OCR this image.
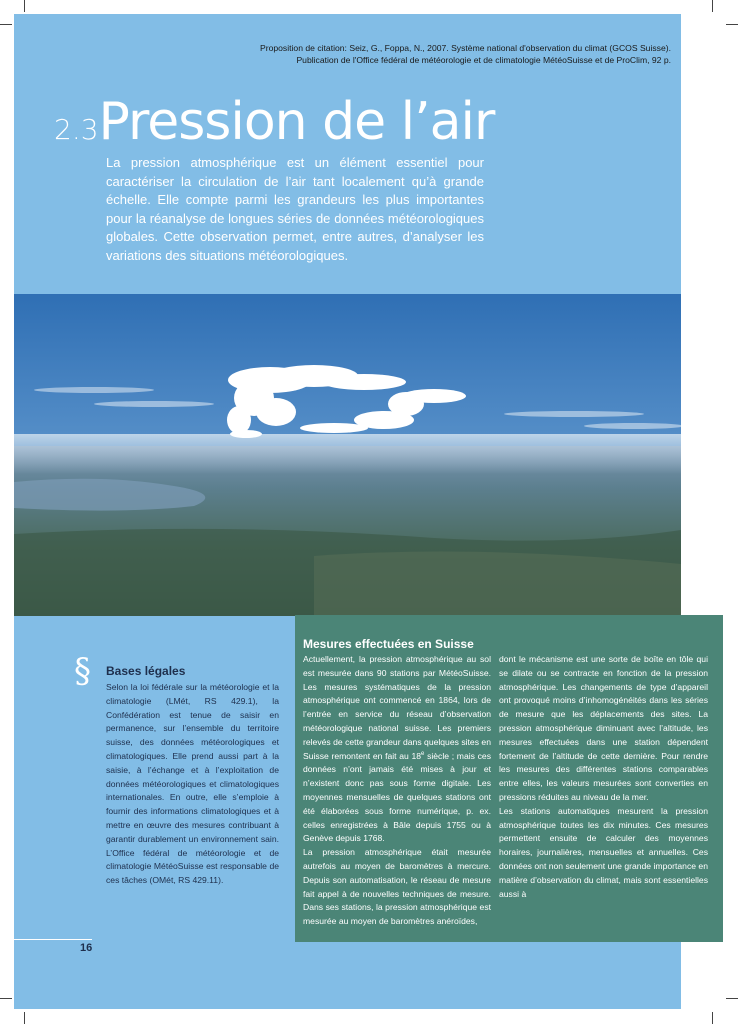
Proposition de citation: Seiz, G., Foppa, N., 2007. Système national d'observation du climat (GCOS Suisse).
Publication de l'Office fédéral de météorologie et de climatologie MétéoSuisse et de ProClim, 92 p.
2.3Pression de l’air
La pression atmosphérique est un élément essentiel pour caractériser la circulation de l’air tant localement qu’à grande échelle. Elle compte parmi les grandeurs les plus importantes pour la réanalyse de longues séries de données météorologiques globales. Cette observation permet, entre autres, d’analyser les variations des situations météorologiques.
§ Bases légales
Selon la loi fédérale sur la météorologie et la climatologie (LMét, RS 429.1), la Confédération est tenue de saisir en permanence, sur l’ensemble du territoire suisse, des données météorologiques et climatologiques. Elle prend aussi part à la saisie, à l’échange et à l’exploitation de données météorologiques et climatologiques internationales. En outre, elle s’emploie à fournir des informations climatologiques et à mettre en œuvre des mesures contribuant à garantir durablement un environnement sain. L’Office fédéral de météorologie et de climatologie MétéoSuisse est responsable de ces tâches (OMét, RS 429.11).
16
Mesures effectuées en Suisse

Actuellement, la pression atmosphérique au sol est mesurée dans 90 stations par MétéoSuisse. Les mesures systématiques de la pression atmosphérique ont commencé en 1864, lors de l’entrée en service du réseau d’observation météorologique national suisse. Les premiers relevés de cette grandeur dans quelques sites en Suisse remontent en fait au 18e siècle ; mais ces données n’ont jamais été mises à jour et n’existent donc pas sous forme digitale. Les moyennes mensuelles de quelques stations ont été élaborées sous forme numérique, p. ex. celles enregistrées à Bâle depuis 1755 ou à Genève depuis 1768.

La pression atmosphérique était mesurée autrefois au moyen de baromètres à mercure. Depuis son automatisation, le réseau de mesure fait appel à de nouvelles techniques de mesure. Dans ses stations, la pression atmosphérique est mesurée au moyen de baromètres anéroïdes,

dont le mécanisme est une sorte de boîte en tôle qui se dilate ou se contracte en fonction de la pression atmosphérique. Les changements de type d’appareil ont provoqué moins d’inhomogénéités dans les séries de mesure que les déplacements des sites. La pression atmosphérique diminuant avec l’altitude, les mesures effectuées dans une station dépendent fortement de l’altitude de cette dernière. Pour rendre les mesures des différentes stations comparables entre elles, les valeurs mesurées sont converties en pressions réduites au niveau de la mer.

Les stations automatiques mesurent la pression atmosphérique toutes les dix minutes. Ces mesures permettent ensuite de calculer des moyennes horaires, journalières, mensuelles et annuelles. Ces données ont non seulement une grande importance en matière d’observation du climat, mais sont essentielles aussi à
